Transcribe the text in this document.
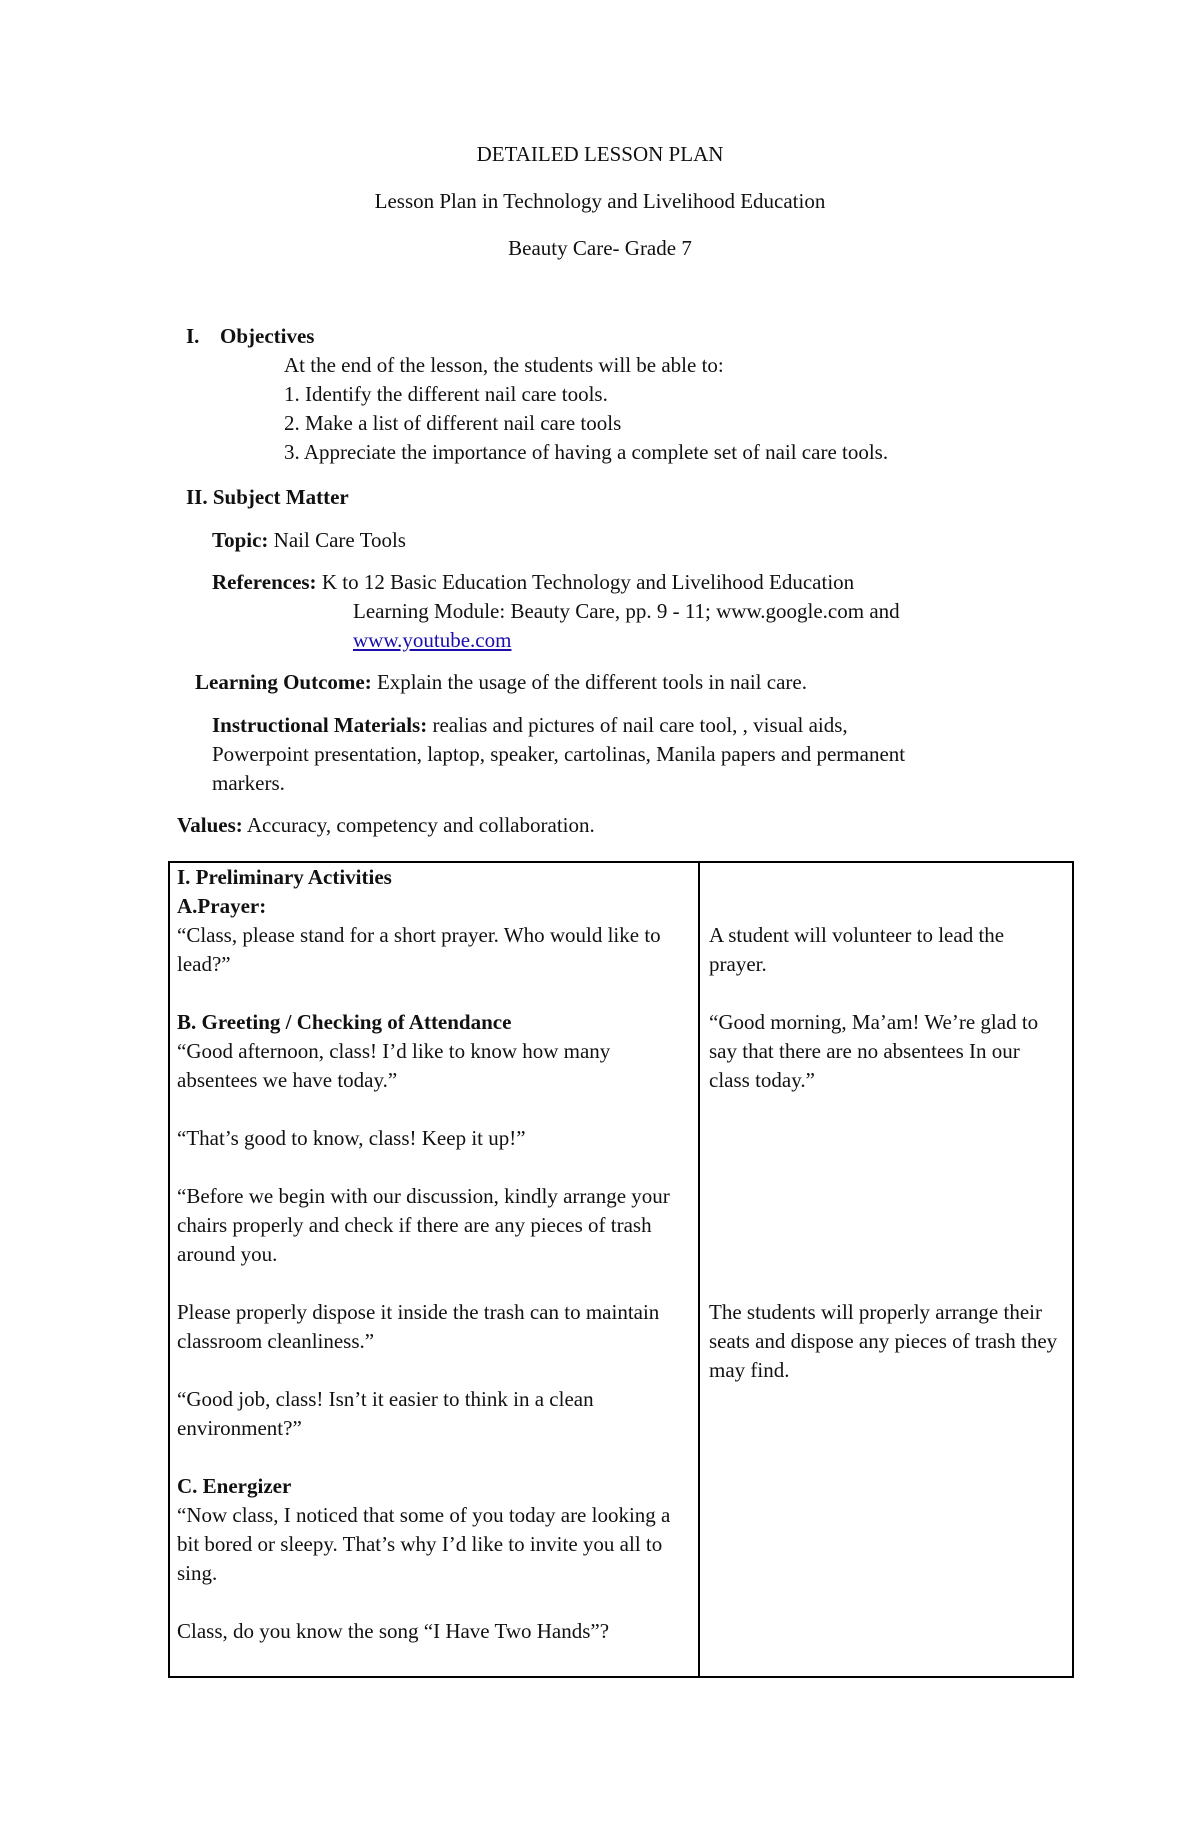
DETAILED LESSON PLAN
Lesson Plan in Technology and Livelihood Education
Beauty Care- Grade 7
I. Objectives
At the end of the lesson, the students will be able to:
1. Identify the different nail care tools.
2. Make a list of different nail care tools
3. Appreciate the importance of having a complete set of nail care tools.
II. Subject Matter
Topic: Nail Care Tools
References: K to 12 Basic Education Technology and Livelihood Education
Learning Module: Beauty Care, pp. 9 - 11; www.google.com and
www.youtube.com
Learning Outcome: Explain the usage of the different tools in nail care.
Instructional Materials: realias and pictures of nail care tool, , visual aids,
Powerpoint presentation, laptop, speaker, cartolinas, Manila papers and permanent
markers.
Values: Accuracy, competency and collaboration.

I. Preliminary Activities

A.Prayer:

“Class, please stand for a short prayer. Who would like to lead?”

B. Greeting / Checking of Attendance

“Good afternoon, class! I’d like to know how many absentees we have today.”

“That’s good to know, class! Keep it up!”

“Before we begin with our discussion, kindly arrange your chairs properly and check if there are any pieces of trash around you.

Please properly dispose it inside the trash can to maintain classroom cleanliness.”

“Good job, class! Isn’t it easier to think in a clean environment?”

C. Energizer

“Now class, I noticed that some of you today are looking a bit bored or sleepy. That’s why I’d like to invite you all to sing.

Class, do you know the song “I Have Two Hands”?

A student will volunteer to lead the prayer.

“Good morning, Ma’am! We’re glad to say that there are no absentees In our class today.”

The students will properly arrange their seats and dispose any pieces of trash they may find.
